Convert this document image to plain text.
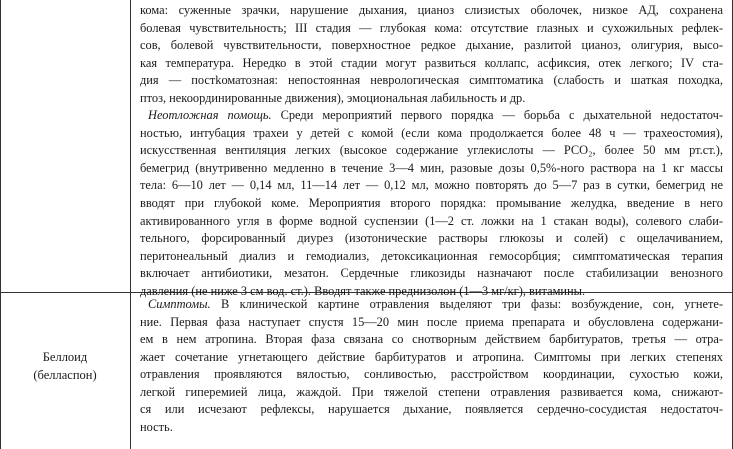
кома: суженные зрачки, нарушение дыхания, цианоз слизистых оболочек, низкое АД, сохранена
болевая чувствительность; III стадия — глубокая кома: отсутствие глазных и сухожильных рефлек-
сов, болевой чувствительности, поверхностное редкое дыхание, разлитой цианоз, олигурия, высо-
кая температура. Нередко в этой стадии могут развиться коллапс, асфиксия, отек легкого; IV ста-
дия — постkоматозная: непостоянная неврологическая симптоматика (слабость и шаткая походка,
птоз, некоординированные движения), эмоциональная лабильность и др.
Неотложная помощь. Среди мероприятий первого порядка — борьба с дыхательной недостаточ-
ностью, интубация трахеи у детей с комой (если кома продолжается более 48 ч — трахеостомия),
искусственная вентиляция легких (высокое содержание углекислоты — РСО₂, более 50 мм рт.ст.),
бемегрид (внутривенно медленно в течение 3—4 мин, разовые дозы 0,5%-ного раствора на 1 кг массы
тела: 6—10 лет — 0,14 мл, 11—14 лет — 0,12 мл, можно повторять до 5—7 раз в сутки, бемегрид не
вводят при глубокой коме. Мероприятия второго порядка: промывание желудка, введение в него
активированного угля в форме водной суспензии (1—2 ст. ложки на 1 стакан воды), солевого слаби-
тельного, форсированный диурез (изотонические растворы глюкозы и солей) с ощелачиванием,
перитонеальный диализ и гемодиализ, детоксикационная гемосорбция; симптоматическая терапия
включает антибиотики, мезатон. Сердечные гликозиды назначают после стабилизации венозного
давления (не ниже 3 см вод. ст.). Вводят также преднизолон (1—3 мг/кг), витамины.
Беллоид
(белласпон)
Симптомы. В клинической картине отравления выделяют три фазы: возбуждение, сон, угнете-
ние. Первая фаза наступает спустя 15—20 мин после приема препарата и обусловлена содержани-
ем в нем атропина. Вторая фаза связана со снотворным действием барбитуратов, третья — отра-
жает сочетание угнетающего действие барбитуратов и атропина. Симптомы при легких степенях
отравления проявляются вялостью, сонливостью, расстройством координации, сухостью кожи,
легкой гиперемией лица, жаждой. При тяжелой степени отравления развивается кома, снижают-
ся или исчезают рефлексы, нарушается дыхание, появляется сердечно-сосудистая недостаточ-
ность.
